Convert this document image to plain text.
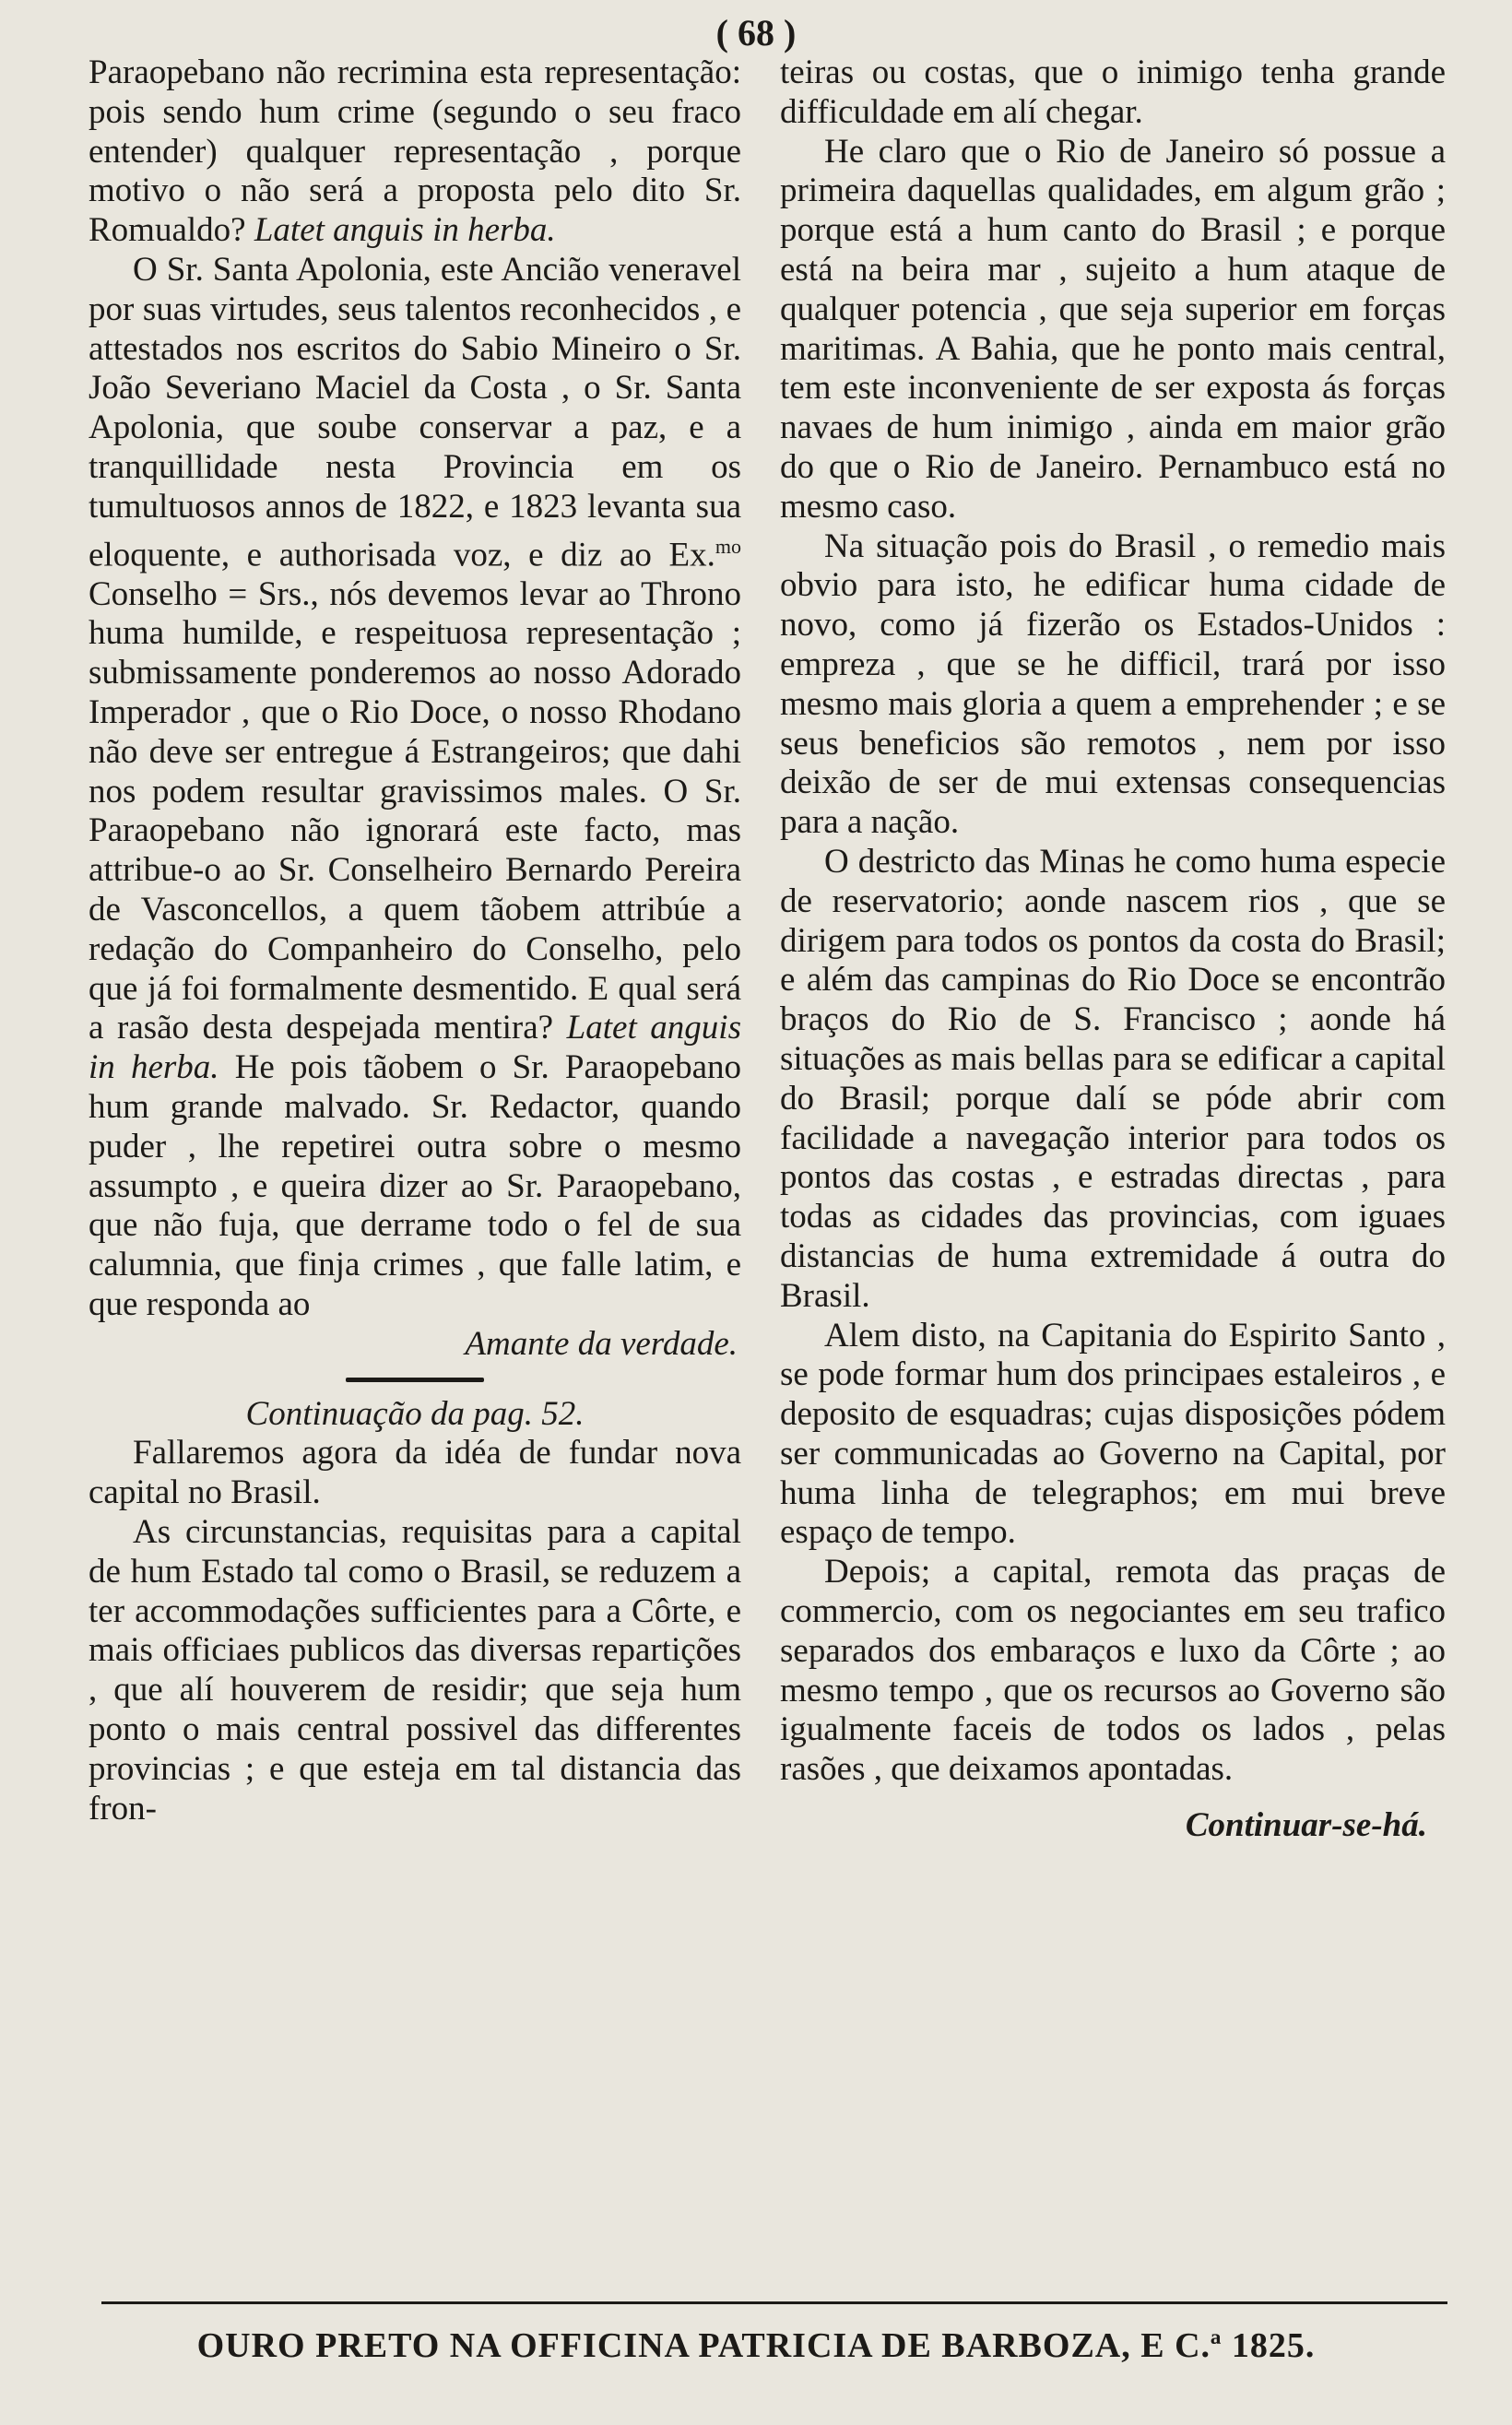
( 68 )

Paraopebano não recrimina esta representação: pois sendo hum crime (segundo o seu fraco entender) qualquer representação , porque motivo o não será a proposta pelo dito Sr. Romualdo? Latet anguis in herba.

O Sr. Santa Apolonia, este Ancião veneravel por suas virtudes, seus talentos reconhecidos , e attestados nos escritos do Sabio Mineiro o Sr. João Severiano Maciel da Costa , o Sr. Santa Apolonia, que soube conservar a paz, e a tranquillidade nesta Provincia em os tumultuosos annos de 1822, e 1823 levanta sua eloquente, e authorisada voz, e diz ao Ex.$^{mo}$ Conselho = Srs., nós devemos levar ao Throno huma humilde, e respeituosa representação ; submissamente ponderemos ao nosso Adorado Imperador , que o Rio Doce, o nosso Rhodano não deve ser entregue á Estrangeiros; que dahi nos podem resultar gravissimos males. O Sr. Paraopebano não ignorará este facto, mas attribue-o ao Sr. Conselheiro Bernardo Pereira de Vasconcellos, a quem tãobem attribúe a redação do Companheiro do Conselho, pelo que já foi formalmente desmentido. E qual será a rasão desta despejada mentira? Latet anguis in herba. He pois tãobem o Sr. Paraopebano hum grande malvado. Sr. Redactor, quando puder , lhe repetirei outra sobre o mesmo assumpto , e queira dizer ao Sr. Paraopebano, que não fuja, que derrame todo o fel de sua calumnia, que finja crimes , que falle latim, e que responda ao

Amante da verdade.

Continuação da pag. 52.

Fallaremos agora da idéa de fundar nova capital no Brasil.

As circunstancias, requisitas para a capital de hum Estado tal como o Brasil, se reduzem a ter accommodações sufficientes para a Côrte, e mais officiaes publicos das diversas repartições , que alí houverem de residir; que seja hum ponto o mais central possivel das differentes provincias ; e que esteja em tal distancia das fron-

teiras ou costas, que o inimigo tenha grande difficuldade em alí chegar.

He claro que o Rio de Janeiro só possue a primeira daquellas qualidades, em algum grão ; porque está a hum canto do Brasil ; e porque está na beira mar , sujeito a hum ataque de qualquer potencia , que seja superior em forças maritimas. A Bahia, que he ponto mais central, tem este inconveniente de ser exposta ás forças navaes de hum inimigo , ainda em maior grão do que o Rio de Janeiro. Pernambuco está no mesmo caso.

Na situação pois do Brasil , o remedio mais obvio para isto, he edificar huma cidade de novo, como já fizerão os Estados-Unidos : empreza , que se he difficil, trará por isso mesmo mais gloria a quem a emprehender ; e se seus beneficios são remotos , nem por isso deixão de ser de mui extensas consequencias para a nação.

O destricto das Minas he como huma especie de reservatorio; aonde nascem rios , que se dirigem para todos os pontos da costa do Brasil; e além das campinas do Rio Doce se encontrão braços do Rio de S. Francisco ; aonde há situações as mais bellas para se edificar a capital do Brasil; porque dalí se póde abrir com facilidade a navegação interior para todos os pontos das costas , e estradas directas , para todas as cidades das provincias, com iguaes distancias de huma extremidade á outra do Brasil.

Alem disto, na Capitania do Espirito Santo , se pode formar hum dos principaes estaleiros , e deposito de esquadras; cujas disposições pódem ser communicadas ao Governo na Capital, por huma linha de telegraphos; em mui breve espaço de tempo.

Depois; a capital, remota das praças de commercio, com os negociantes em seu trafico separados dos embaraços e luxo da Côrte ; ao mesmo tempo , que os recursos ao Governo são igualmente faceis de todos os lados , pelas rasões , que deixamos apontadas.

Continuar-se-há.

OURO PRETO NA OFFICINA PATRICIA DE BARBOZA, E C.ª 1825.
